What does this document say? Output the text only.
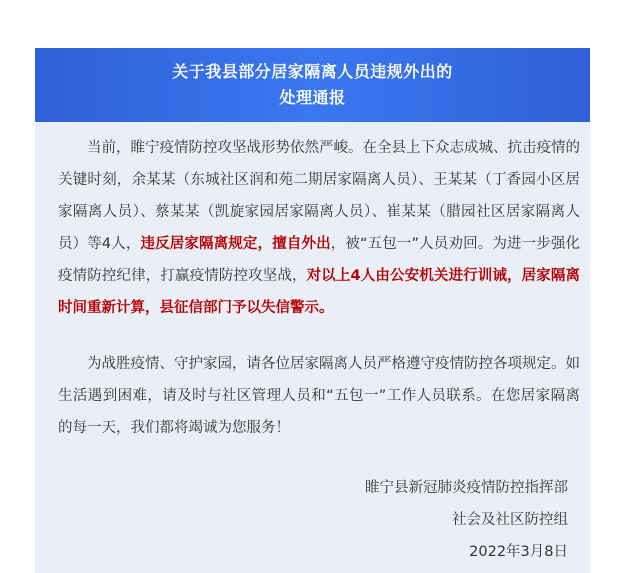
关于我县部分居家隔离人员违规外出的
处理通报

当前，睢宁疫情防控攻坚战形势依然严峻。在全县上下众志成城、抗击疫情的关键时刻，余某某（东城社区润和苑二期居家隔离人员）、王某某（丁香园小区居家隔离人员）、蔡某某（凯旋家园居家隔离人员）、崔某某（腊园社区居家隔离人员）等4人，违反居家隔离规定，擅自外出，被“五包一”人员劝回。为进一步强化疫情防控纪律，打赢疫情防控攻坚战，对以上4人由公安机关进行训诫，居家隔离时间重新计算，县征信部门予以失信警示。

为战胜疫情、守护家园，请各位居家隔离人员严格遵守疫情防控各项规定。如生活遇到困难，请及时与社区管理人员和“五包一”工作人员联系。在您居家隔离的每一天，我们都将竭诚为您服务！

睢宁县新冠肺炎疫情防控指挥部
社会及社区防控组
2022年3月8日
